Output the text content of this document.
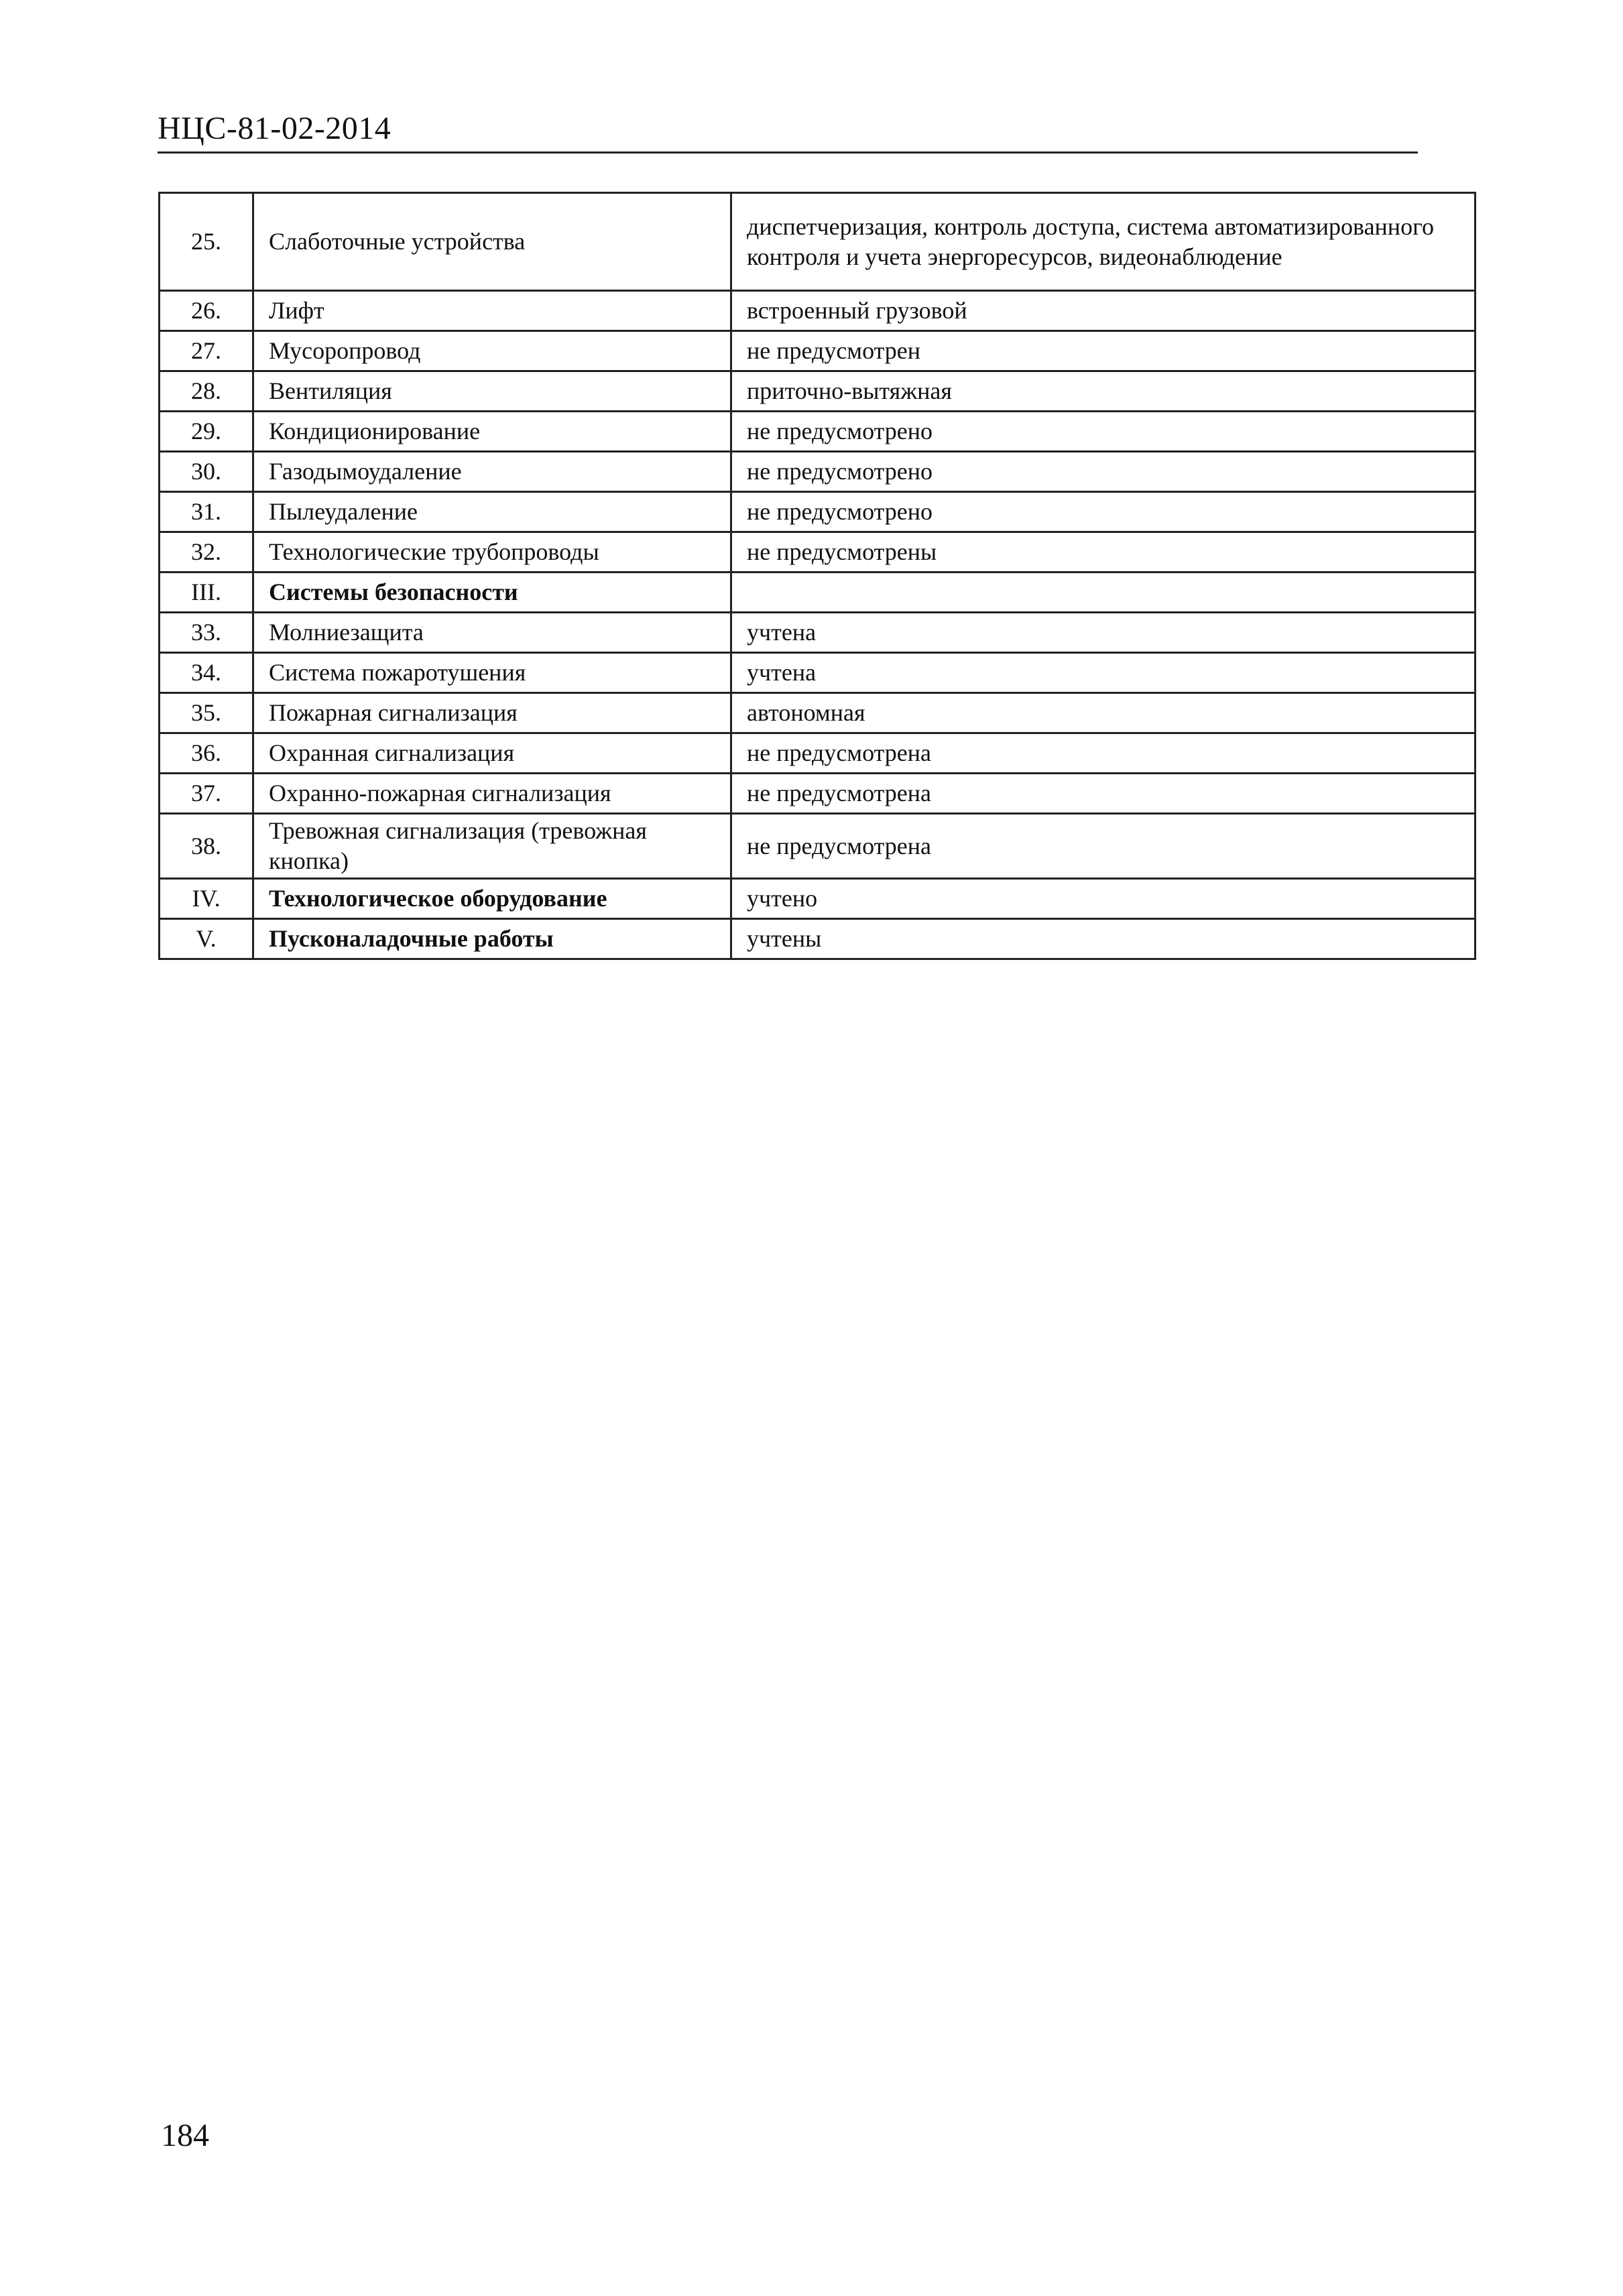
НЦС-81-02-2014
25.	Слаботочные устройства	диспетчеризация, контроль доступа, система автоматизированного контроля и учета энергоресурсов, видеонаблюдение
26.	Лифт	встроенный грузовой
27.	Мусоропровод	не предусмотрен
28.	Вентиляция	приточно-вытяжная
29.	Кондиционирование	не предусмотрено
30.	Газодымоудаление	не предусмотрено
31.	Пылеудаление	не предусмотрено
32.	Технологические трубопроводы	не предусмотрены
III.	Системы безопасности	
33.	Молниезащита	учтена
34.	Система пожаротушения	учтена
35.	Пожарная сигнализация	автономная
36.	Охранная сигнализация	не предусмотрена
37.	Охранно-пожарная сигнализация	не предусмотрена
38.	Тревожная сигнализация (тревожная кнопка)	не предусмотрена
IV.	Технологическое оборудование	учтено
V.	Пусконаладочные работы	учтены
184
